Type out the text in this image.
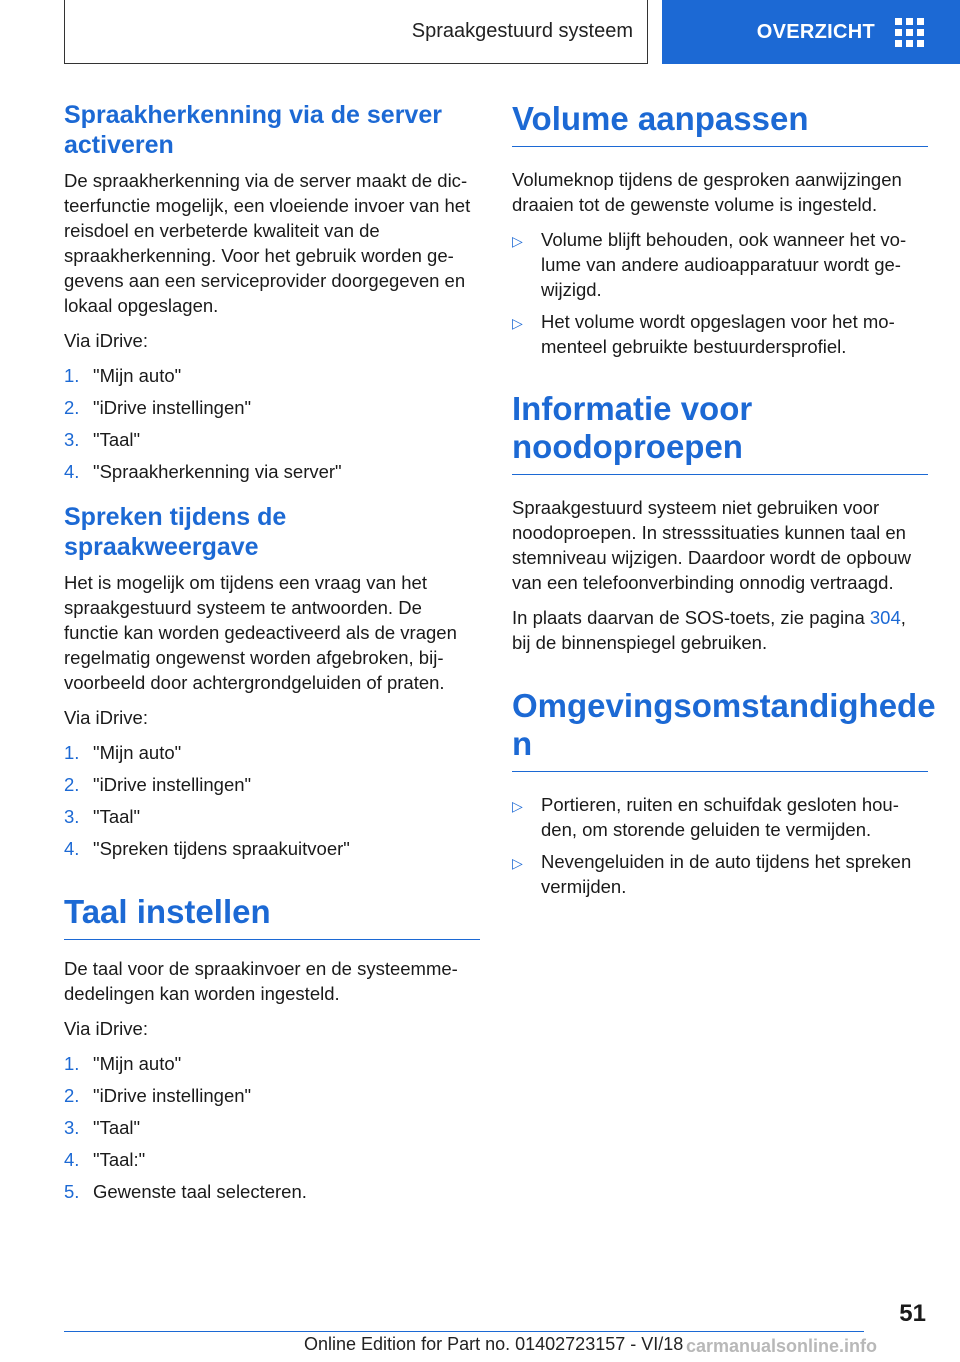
Spraakgestuurd systeem	OVERZICHT
Spraakherkenning via de server activeren

De spraakherkenning via de server maakt de dicteerfunctie mogelijk, een vloeiende invoer van het reisdoel en verbeterde kwaliteit van de spraakherkenning. Voor het gebruik worden gegevens aan een serviceprovider doorgegeven en lokaal opgeslagen.

Via iDrive:

1. "Mijn auto"
2. "iDrive instellingen"
3. "Taal"
4. "Spraakherkenning via server"
Spreken tijdens de spraakweergave

Het is mogelijk om tijdens een vraag van het spraakgestuurd systeem te antwoorden. De functie kan worden gedeactiveerd als de vragen regelmatig ongewenst worden afgebroken, bijvoorbeeld door achtergrondgeluiden of praten.

Via iDrive:

1. "Mijn auto"
2. "iDrive instellingen"
3. "Taal"
4. "Spreken tijdens spraakuitvoer"
Taal instellen

De taal voor de spraakinvoer en de systeemmededelingen kan worden ingesteld.

Via iDrive:

1. "Mijn auto"
2. "iDrive instellingen"
3. "Taal"
4. "Taal:"
5. Gewenste taal selecteren.
Volume aanpassen

Volumeknop tijdens de gesproken aanwijzingen draaien tot de gewenste volume is ingesteld.

▷ Volume blijft behouden, ook wanneer het volume van andere audioapparatuur wordt gewijzigd.
▷ Het volume wordt opgeslagen voor het momenteel gebruikte bestuurdersprofiel.
Informatie voor noodoproepen

Spraakgestuurd systeem niet gebruiken voor noodoproepen. In stresssituaties kunnen taal en stemniveau wijzigen. Daardoor wordt de opbouw van een telefoonverbinding onnodig vertraagd.

In plaats daarvan de SOS-toets, zie pagina 304, bij de binnenspiegel gebruiken.

Omgevingsomstandighede n
▷ Portieren, ruiten en schuifdak gesloten houden, om storende geluiden te vermijden.
▷ Nevengeluiden in de auto tijdens het spreken vermijden.
51
Online Edition for Part no. 01402723157 - VI/18 carmanualsonline.info
